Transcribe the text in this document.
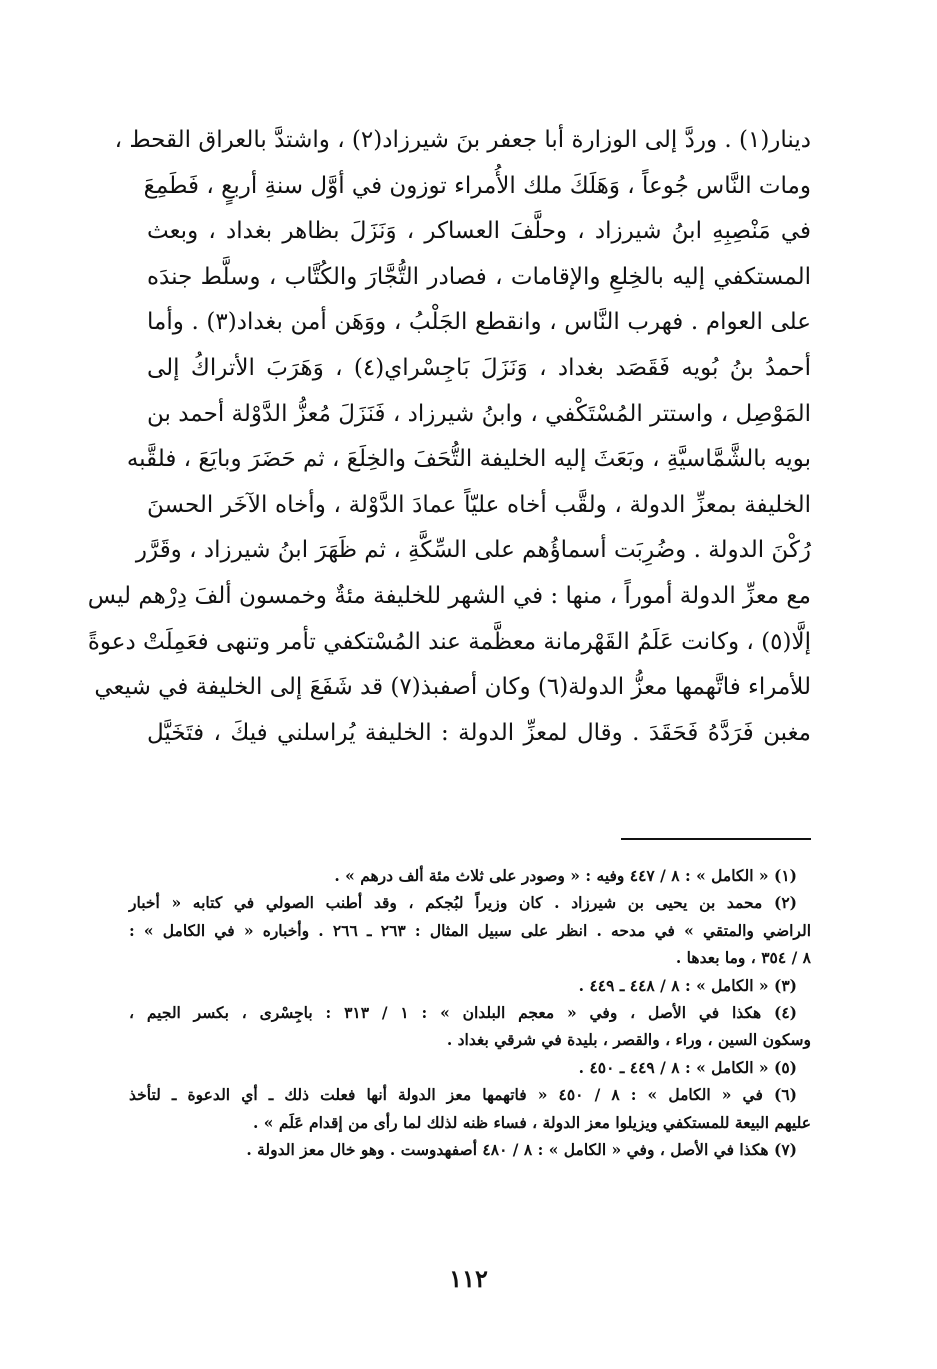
دينار(١) . وردَّ إلى الوزارة أبا جعفر بنَ شيرزاد(٢) ، واشتدَّ بالعراق القحط ،
ومات النَّاس جُوعاً ، وَهَلَكَ ملك الأُمراء توزون في أوَّل سنةِ أربعٍ ، فَطَمِعَ
في مَنْصِبِهِ ابنُ شيرزاد ، وحلَّفَ العساكر ، وَنَزَلَ بظاهر بغداد ، وبعث
المستكفي إليه بالخِلعِ والإقامات ، فصادر التُّجَّارَ والكُتَّاب ، وسلَّط جندَه
على العوام . فهرب النَّاس ، وانقطع الجَلْبُ ، ووَهَن أمن بغداد(٣) . وأما
أحمدُ بنُ بُويه فَقَصَد بغداد ، وَنَزَلَ بَاجِسْراي(٤) ، وَهَرَبَ الأتراكُ إلى
المَوْصِل ، واستتر المُسْتَكْفي ، وابنُ شيرزاد ، فَنَزَلَ مُعزُّ الدَّوْلة أحمد بن
بويه بالشَّمَّاسيَّةِ ، وبَعَثَ إليه الخليفة التُّحَفَ والخِلَعَ ، ثم حَضَرَ وبايَعَ ، فلقَّبه
الخليفة بمعزِّ الدولة ، ولقَّب أخاه عليّاً عمادَ الدَّوْلة ، وأخاه الآخَر الحسنَ
رُكْنَ الدولة . وضُرِبَت أسماؤُهم على السِّكَّةِ ، ثم ظَهَرَ ابنُ شيرزاد ، وقَرَّر
مع معزِّ الدولة أموراً ، منها : في الشهر للخليفة مئةٌ وخمسون ألفَ دِرْهم ليس
إلَّا(٥) ، وكانت عَلَمُ القَهْرمانة معظَّمة عند المُسْتكفي تأمر وتنهى فعَمِلَتْ دعوةً
للأمراء فاتَّهمها معزُّ الدولة(٦) وكان أصفبذ(٧) قد شَفَعَ إلى الخليفة في شيعي
مغبن فَرَدَّهُ فَحَقَدَ . وقال لمعزِّ الدولة : الخليفة يُراسلني فيكَ ، فتَخَيَّل
(١) « الكامل » : ٨ / ٤٤٧ وفيه : « وصودر على ثلاث مئة ألف درهم » .
(٢) محمد بن يحيى بن شيرزاد . كان وزيراً لبُجكم ، وقد أطنب الصولي في كتابه « أخبار
الراضي والمتقي » في مدحه . انظر على سبيل المثال : ٢٦٣ ـ ٢٦٦ . وأخباره « في الكامل » :
٨ / ٣٥٤ ، وما بعدها .
(٣) « الكامل » : ٨ / ٤٤٨ ـ ٤٤٩ .
(٤) هكذا في الأصل ، وفي « معجم البلدان » : ١ / ٣١٣ : باجِسْرى ، بكسر الجيم ،
وسكون السين ، وراء ، والقصر ، بليدة في شرقي بغداد .
(٥) « الكامل » : ٨ / ٤٤٩ ـ ٤٥٠ .
(٦) في « الكامل » : ٨ / ٤٥٠ « فاتهمها معز الدولة أنها فعلت ذلك ـ أي الدعوة ـ لتأخذ
عليهم البيعة للمستكفي ويزيلوا معز الدولة ، فساء ظنه لذلك لما رأى من إقدام عَلَم » .
(٧) هكذا في الأصل ، وفي « الكامل » : ٨ / ٤٨٠ أصفهدوست . وهو خال معز الدولة .
١١٢
